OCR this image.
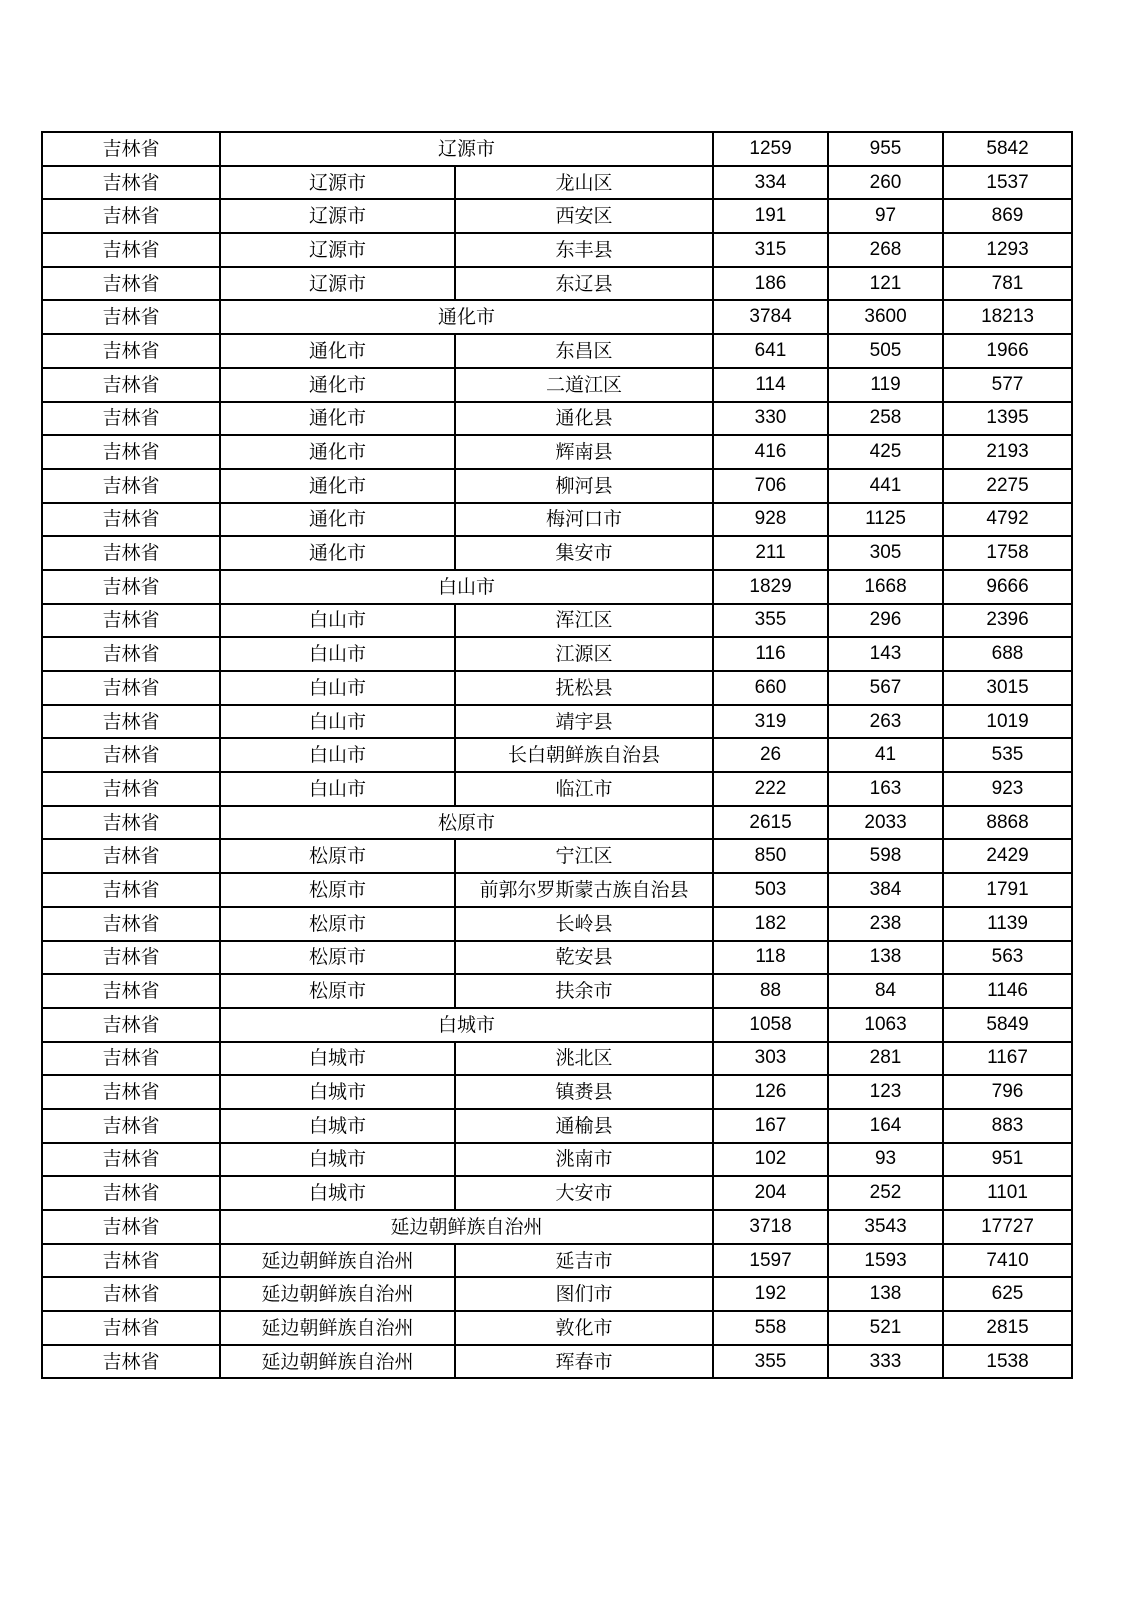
吉林省	辽源市		1259	955	5842
吉林省	辽源市	龙山区	334	260	1537
吉林省	辽源市	西安区	191	97	869
吉林省	辽源市	东丰县	315	268	1293
吉林省	辽源市	东辽县	186	121	781
吉林省	通化市		3784	3600	18213
吉林省	通化市	东昌区	641	505	1966
吉林省	通化市	二道江区	114	119	577
吉林省	通化市	通化县	330	258	1395
吉林省	通化市	辉南县	416	425	2193
吉林省	通化市	柳河县	706	441	2275
吉林省	通化市	梅河口市	928	1125	4792
吉林省	通化市	集安市	211	305	1758
吉林省	白山市		1829	1668	9666
吉林省	白山市	浑江区	355	296	2396
吉林省	白山市	江源区	116	143	688
吉林省	白山市	抚松县	660	567	3015
吉林省	白山市	靖宇县	319	263	1019
吉林省	白山市	长白朝鲜族自治县	26	41	535
吉林省	白山市	临江市	222	163	923
吉林省	松原市		2615	2033	8868
吉林省	松原市	宁江区	850	598	2429
吉林省	松原市	前郭尔罗斯蒙古族自治县	503	384	1791
吉林省	松原市	长岭县	182	238	1139
吉林省	松原市	乾安县	118	138	563
吉林省	松原市	扶余市	88	84	1146
吉林省	白城市		1058	1063	5849
吉林省	白城市	洮北区	303	281	1167
吉林省	白城市	镇赉县	126	123	796
吉林省	白城市	通榆县	167	164	883
吉林省	白城市	洮南市	102	93	951
吉林省	白城市	大安市	204	252	1101
吉林省	延边朝鲜族自治州		3718	3543	17727
吉林省	延边朝鲜族自治州	延吉市	1597	1593	7410
吉林省	延边朝鲜族自治州	图们市	192	138	625
吉林省	延边朝鲜族自治州	敦化市	558	521	2815
吉林省	延边朝鲜族自治州	珲春市	355	333	1538
